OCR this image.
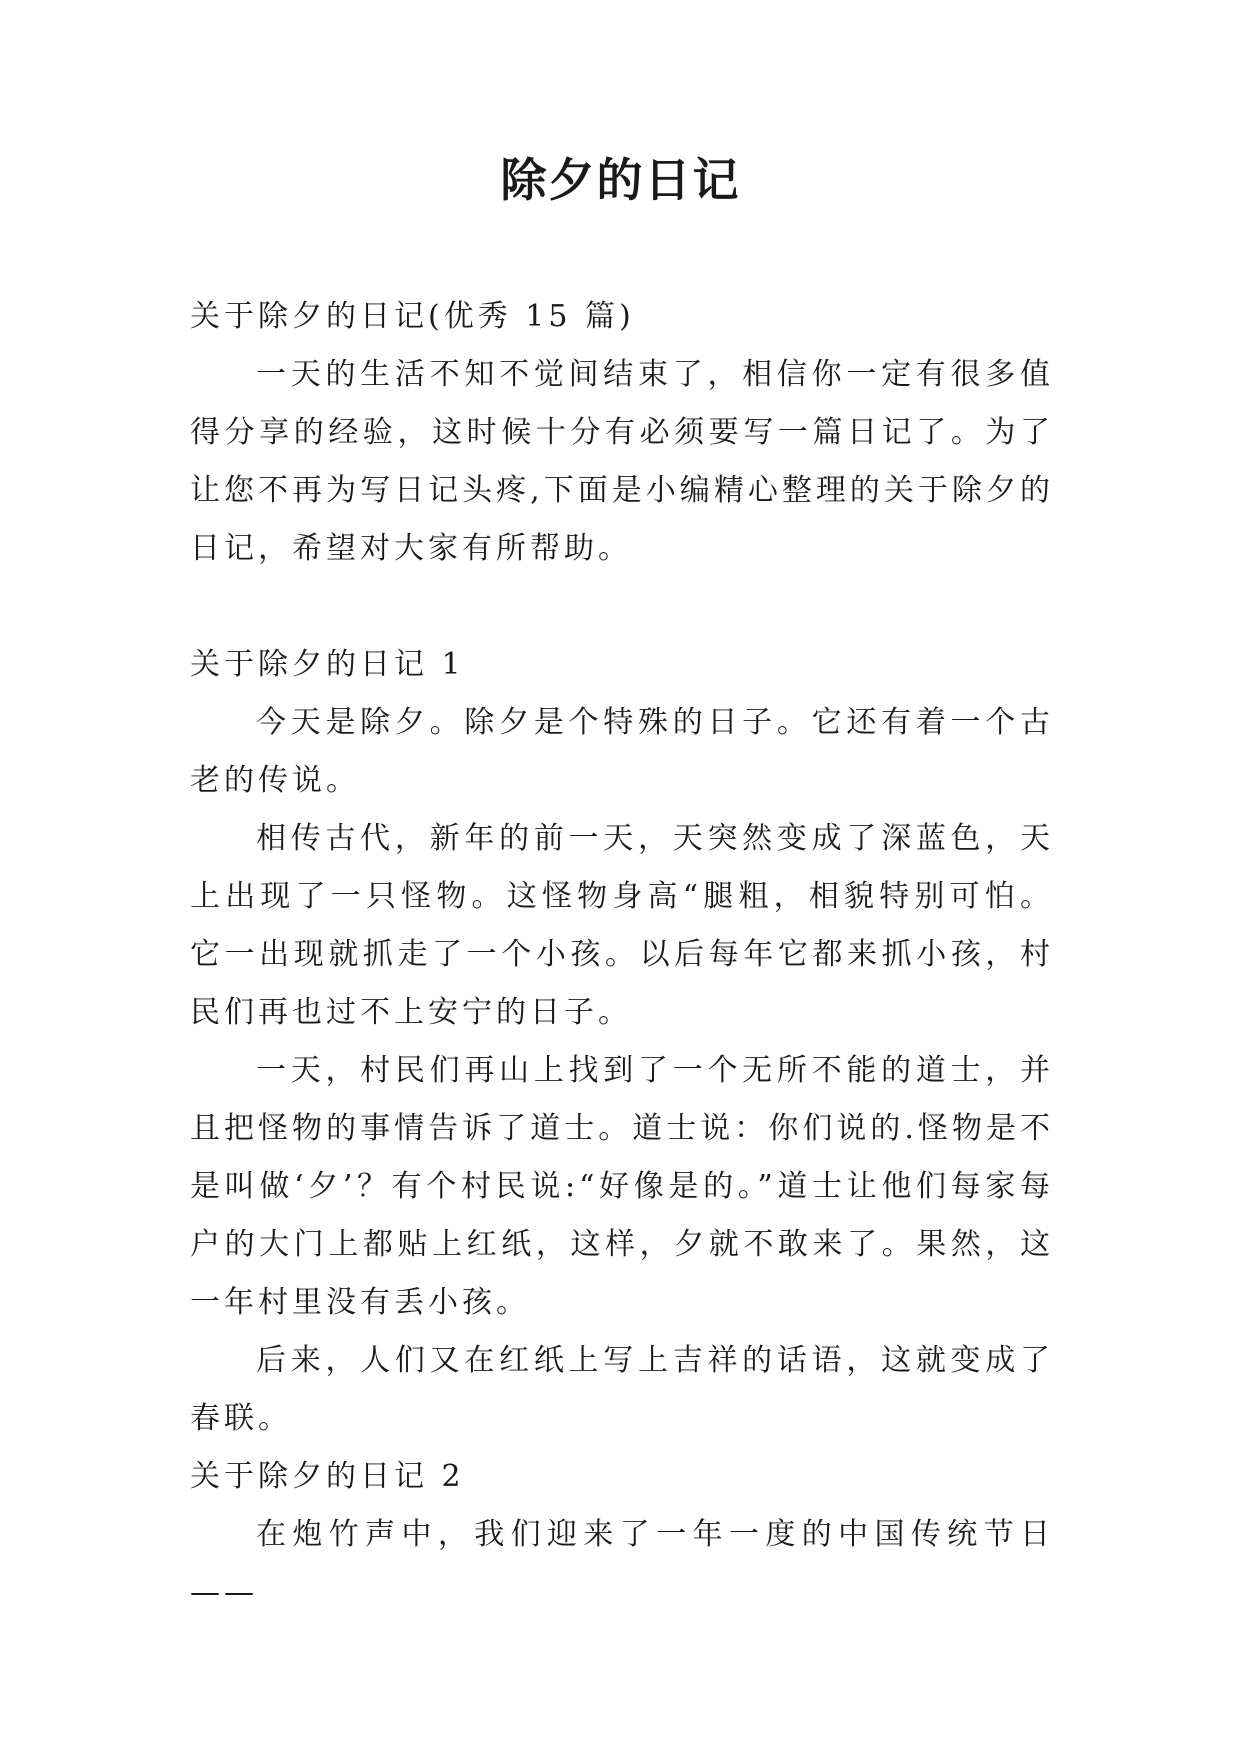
除夕的日记

关于除夕的日记(优秀 15 篇)

一天的生活不知不觉间结束了，相信你一定有很多值得分享的经验，这时候十分有必须要写一篇日记了。为了让您不再为写日记头疼,下面是小编精心整理的关于除夕的日记，希望对大家有所帮助。

关于除夕的日记 1

今天是除夕。除夕是个特殊的日子。它还有着一个古老的传说。

相传古代，新年的前一天，天突然变成了深蓝色，天上出现了一只怪物。这怪物身高“腿粗，相貌特别可怕。它一出现就抓走了一个小孩。以后每年它都来抓小孩，村民们再也过不上安宁的日子。

一天，村民们再山上找到了一个无所不能的道士，并且把怪物的事情告诉了道士。道士说：你们说的.怪物是不是叫做‘夕’？有个村民说:“好像是的。”道士让他们每家每户的大门上都贴上红纸，这样，夕就不敢来了。果然，这一年村里没有丢小孩。

后来，人们又在红纸上写上吉祥的话语，这就变成了春联。

关于除夕的日记 2

在炮竹声中，我们迎来了一年一度的中国传统节日——
